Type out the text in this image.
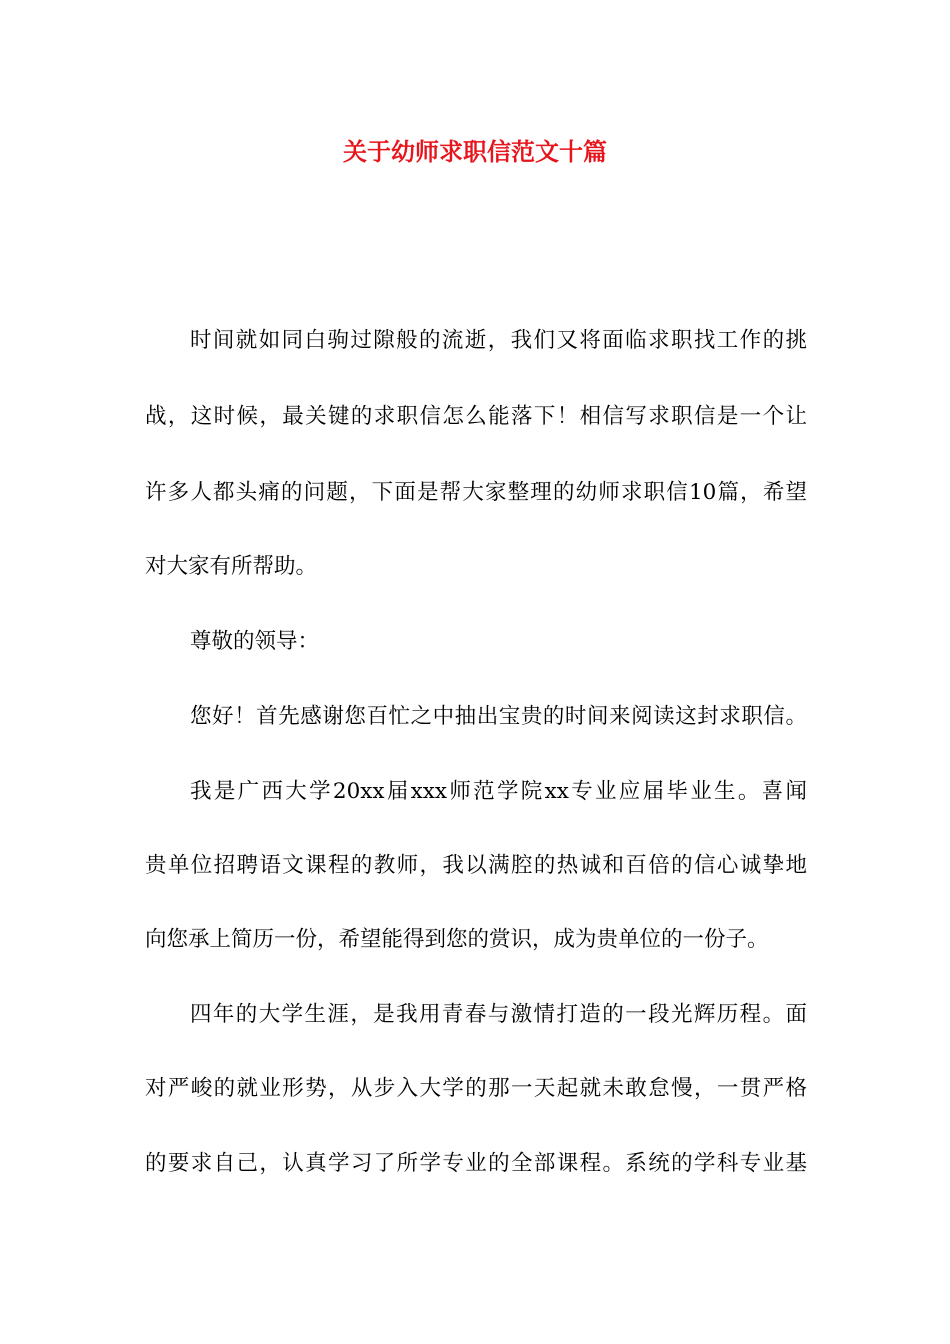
关于幼师求职信范文十篇
时间就如同白驹过隙般的流逝，我们又将面临求职找工作的挑
战，这时候，最关键的求职信怎么能落下！相信写求职信是一个让
许多人都头痛的问题，下面是帮大家整理的幼师求职信10篇，希望
对大家有所帮助。
尊敬的领导：
您好！首先感谢您百忙之中抽出宝贵的时间来阅读这封求职信。
我是广西大学20xx届xxx师范学院xx专业应届毕业生。喜闻
贵单位招聘语文课程的教师，我以满腔的热诚和百倍的信心诚挚地
向您承上简历一份，希望能得到您的赏识，成为贵单位的一份子。
四年的大学生涯，是我用青春与激情打造的一段光辉历程。面
对严峻的就业形势，从步入大学的那一天起就未敢怠慢，一贯严格
的要求自己，认真学习了所学专业的全部课程。系统的学科专业基
